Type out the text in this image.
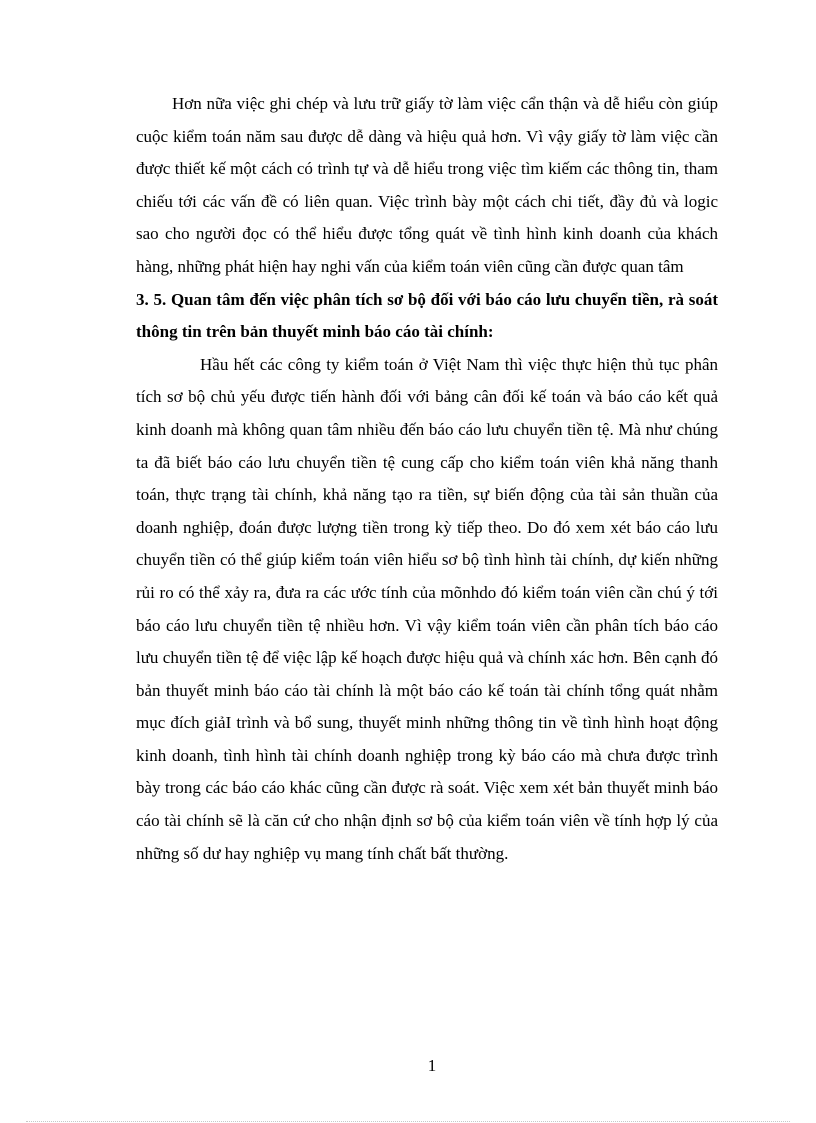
Hơn nữa việc ghi chép và lưu trữ giấy tờ làm việc cẩn thận và dễ hiểu còn giúp cuộc kiểm toán năm sau được dễ dàng và hiệu quả hơn. Vì vậy giấy tờ làm việc cần được thiết kế một cách có trình tự và dễ hiểu trong việc tìm kiếm các thông tin, tham chiếu tới các vấn đề có liên quan. Việc trình bày một cách chi tiết, đầy đủ và logic sao cho người đọc có thể hiểu được tổng quát về tình hình kinh doanh của khách hàng, những phát hiện hay nghi vấn của kiểm toán viên cũng cần được quan tâm

3. 5. Quan tâm đến việc phân tích sơ bộ đối với báo cáo lưu chuyển tiền, rà soát thông tin trên bản thuyết minh báo cáo tài chính:

Hầu hết các công ty kiểm toán ở Việt Nam thì việc thực hiện thủ tục phân tích sơ bộ chủ yếu được tiến hành đối với bảng cân đối kế toán và báo cáo kết quả kinh doanh mà không quan tâm nhiều đến báo cáo lưu chuyển tiền tệ. Mà như chúng ta đã biết báo cáo lưu chuyển tiền tệ cung cấp cho kiểm toán viên khả năng thanh toán, thực trạng tài chính, khả năng tạo ra tiền, sự biến động của tài sản thuần của doanh nghiệp, đoán được lượng tiền trong kỳ tiếp theo. Do đó xem xét báo cáo lưu chuyển tiền có thể giúp kiểm toán viên hiểu sơ bộ tình hình tài chính, dự kiến những rủi ro có thể xảy ra, đưa ra các ước tính của mõnhdo đó kiểm toán viên cần chú ý tới báo cáo lưu chuyển tiền tệ nhiều hơn. Vì vậy kiểm toán viên cần phân tích báo cáo lưu chuyển tiền tệ để việc lập kế hoạch được hiệu quả và chính xác hơn. Bên cạnh đó bản thuyết minh báo cáo tài chính là một báo cáo kế toán tài chính tổng quát nhằm mục đích giảI trình và bổ sung, thuyết minh những thông tin về tình hình hoạt động kinh doanh, tình hình tài chính doanh nghiệp trong kỳ báo cáo mà chưa được trình bày trong các báo cáo khác cũng cần được rà soát. Việc xem xét bản thuyết minh báo cáo tài chính sẽ là căn cứ cho nhận định sơ bộ của kiểm toán viên về tính hợp lý của những số dư hay nghiệp vụ mang tính chất bất thường.

1
